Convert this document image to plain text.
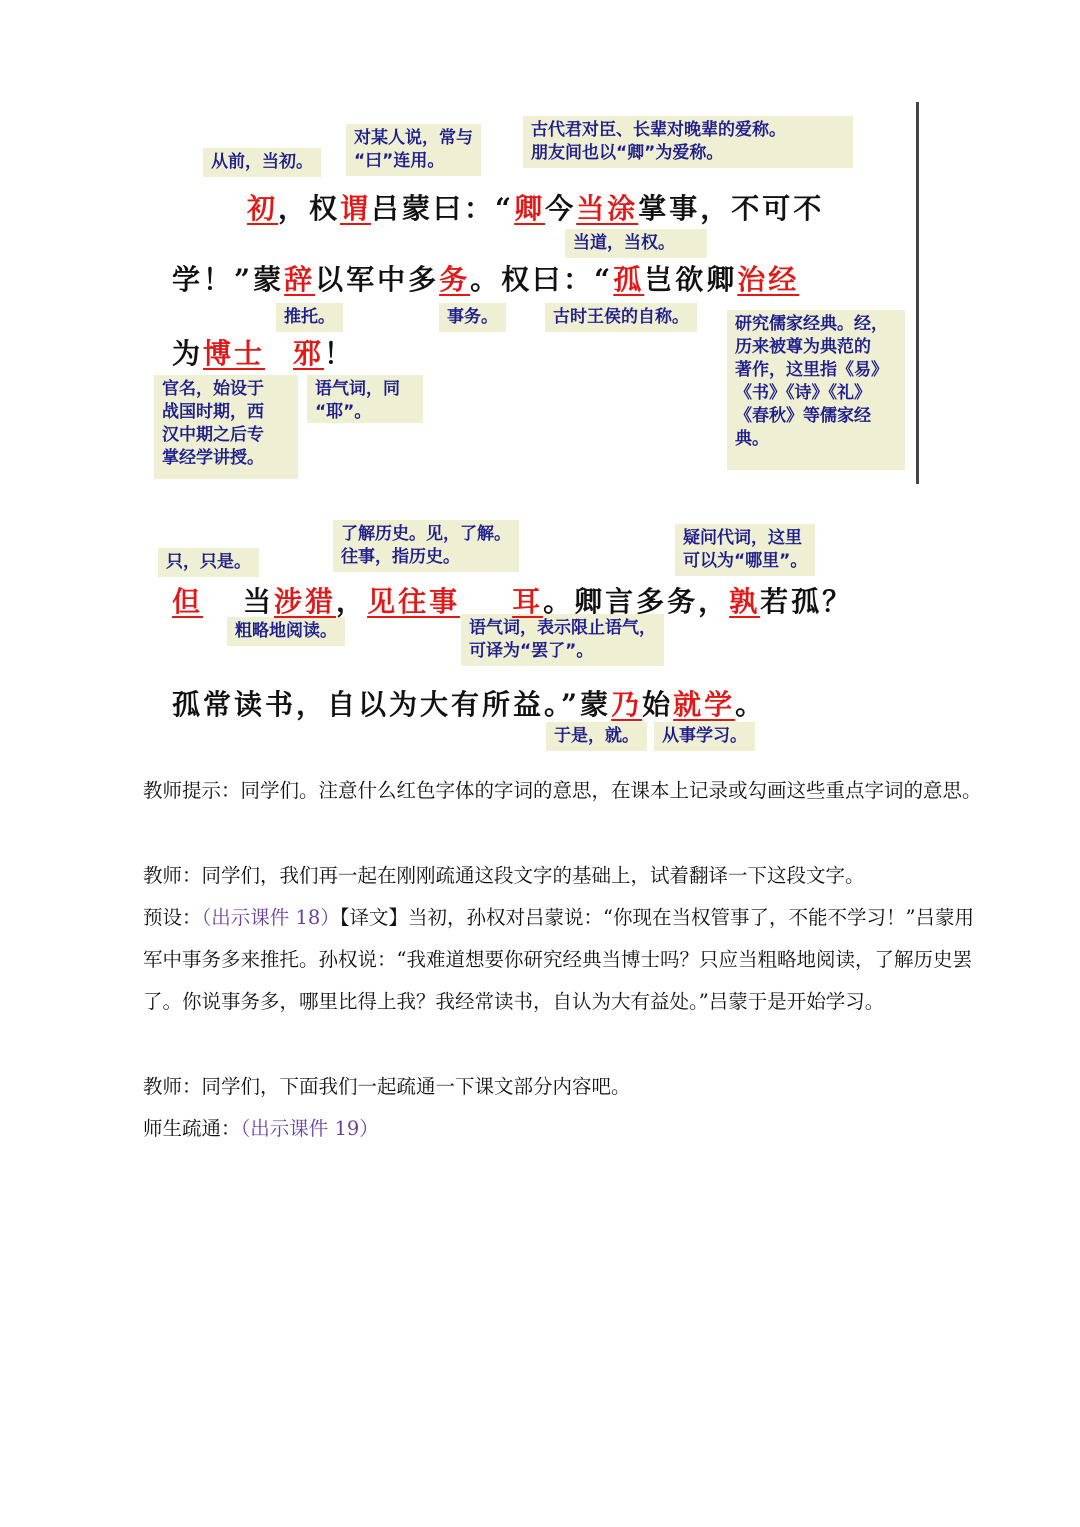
从前，当初。
对某人说，常与
“曰”连用。
古代君对臣、长辈对晚辈的爱称。
朋友间也以“卿”为爱称。
当道，当权。
推托。	事务。	古时王侯的自称。	研究儒家经典。经，
历来被尊为典范的
著作，这里指《易》
《书》《诗》《礼》
《春秋》等儒家经
典。
官名，始设于
战国时期，西
汉中期之后专
掌经学讲授。
语气词，同
“耶”。
只，只是。
了解历史。见，了解。
往事，指历史。
疑问代词，这里
可以为“哪里”。
粗略地阅读。	语气词，表示限止语气，
可译为“罢了”。
于是，就。	从事学习。
初，权谓吕蒙曰：“卿今当涂掌事，不可不
学！”蒙辞以军中多务。权曰：“孤岂欲卿治经
为博士 邪！
但 当涉猎，见往事 耳。卿言多务，孰若孤？
孤常读书，自以为大有所益。”蒙乃始就学。
教师提示：同学们。注意什么红色字体的字词的意思，在课本上记录或勾画这些重点字词的意思。
教师：同学们，我们再一起在刚刚疏通这段文字的基础上，试着翻译一下这段文字。
预设：（出示课件 18）【译文】当初，孙权对吕蒙说：“你现在当权管事了，不能不学习！”吕蒙用军中事务多来推托。孙权说：“我难道想要你研究经典当博士吗？只应当粗略地阅读，了解历史罢了。你说事务多，哪里比得上我？我经常读书，自认为大有益处。”吕蒙于是开始学习。
教师：同学们，下面我们一起疏通一下课文部分内容吧。
师生疏通：（出示课件 19）
